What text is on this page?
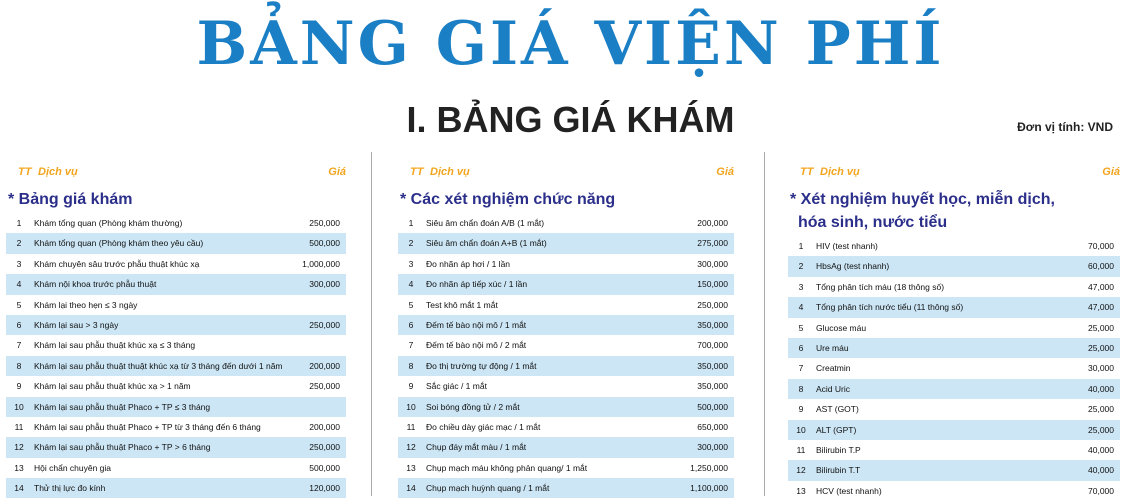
BẢNG GIÁ VIỆN PHÍ
I. BẢNG GIÁ KHÁM	Đơn vị tính: VND
TT Dịch vụ	Giá
* Bảng giá khám
1	Khám tổng quan (Phòng khám thường)	250,000
2	Khám tổng quan (Phòng khám theo yêu cầu)	500,000
3	Khám chuyên sâu trước phẫu thuật khúc xạ	1,000,000
4	Khám nội khoa trước phẫu thuật	300,000
5	Khám lại theo hẹn ≤ 3 ngày
6	Khám lại sau > 3 ngày	250,000
7	Khám lại sau phẫu thuật khúc xạ ≤ 3 tháng
8	Khám lại sau phẫu thuật thuật khúc xạ từ 3 tháng đến dưới 1 năm	200,000
9	Khám lại sau phẫu thuật khúc xạ > 1 năm	250,000
10	Khám lại sau phẫu thuật Phaco + TP ≤ 3 tháng
11	Khám lại sau phẫu thuật Phaco + TP từ 3 tháng đến 6 tháng	200,000
12	Khám lại sau phẫu thuật Phaco + TP > 6 tháng	250,000
13	Hội chẩn chuyên gia	500,000
14	Thử thị lực đo kính	120,000
TT Dịch vụ	Giá
* Các xét nghiệm chức năng
1	Siêu âm chẩn đoán A/B (1 mắt)	200,000
2	Siêu âm chẩn đoán A+B (1 mắt)	275,000
3	Đo nhãn áp hơi / 1 lần	300,000
4	Đo nhãn áp tiếp xúc / 1 lần	150,000
5	Test khô mắt 1 mắt	250,000
6	Đếm tế bào nội mô / 1 mắt	350,000
7	Đếm tế bào nội mô / 2 mắt	700,000
8	Đo thị trường tự động / 1 mắt	350,000
9	Sắc giác / 1 mắt	350,000
10	Soi bóng đồng tử / 2 mắt	500,000
11	Đo chiều dày giác mạc / 1 mắt	650,000
12	Chụp đáy mắt màu / 1 mắt	300,000
13	Chụp mạch máu không phản quang/ 1 mắt	1,250,000
14	Chụp mạch huỳnh quang / 1 mắt	1,100,000
TT Dịch vụ	Giá
* Xét nghiệm huyết học, miễn dịch,
hóa sinh, nước tiểu
1	HIV (test nhanh)	70,000
2	HbsAg (test nhanh)	60,000
3	Tổng phân tích máu (18 thông số)	47,000
4	Tổng phân tích nước tiểu (11 thông số)	47,000
5	Glucose máu	25,000
6	Ure máu	25,000
7	Creatmin	30,000
8	Acid Uric	40,000
9	AST (GOT)	25,000
10	ALT (GPT)	25,000
11	Bilirubin T.P	40,000
12	Bilirubin T.T	40,000
13	HCV (test nhanh)	70,000
